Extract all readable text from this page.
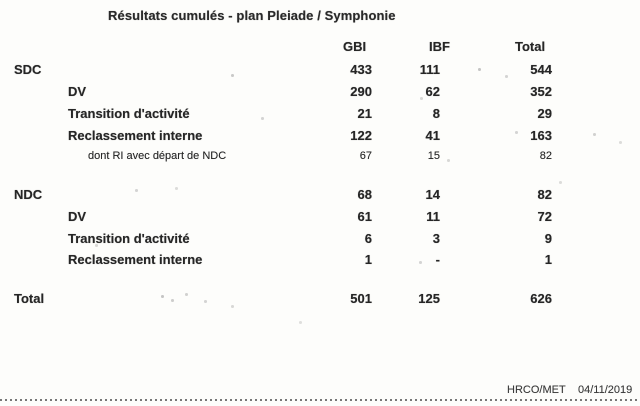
Résultats cumulés - plan Pleiade / Symphonie
GBI	IBF	Total
SDC	433	111	544
DV	290	62	352
Transition d'activité	21	8	29
Reclassement interne	122	41	163
dont RI avec départ de NDC	67	15	82
NDC	68	14	82
DV	61	11	72
Transition d'activité	6	3	9
Reclassement interne	1	-	1
Total	501	125	626
HRCO/MET 04/11/2019
